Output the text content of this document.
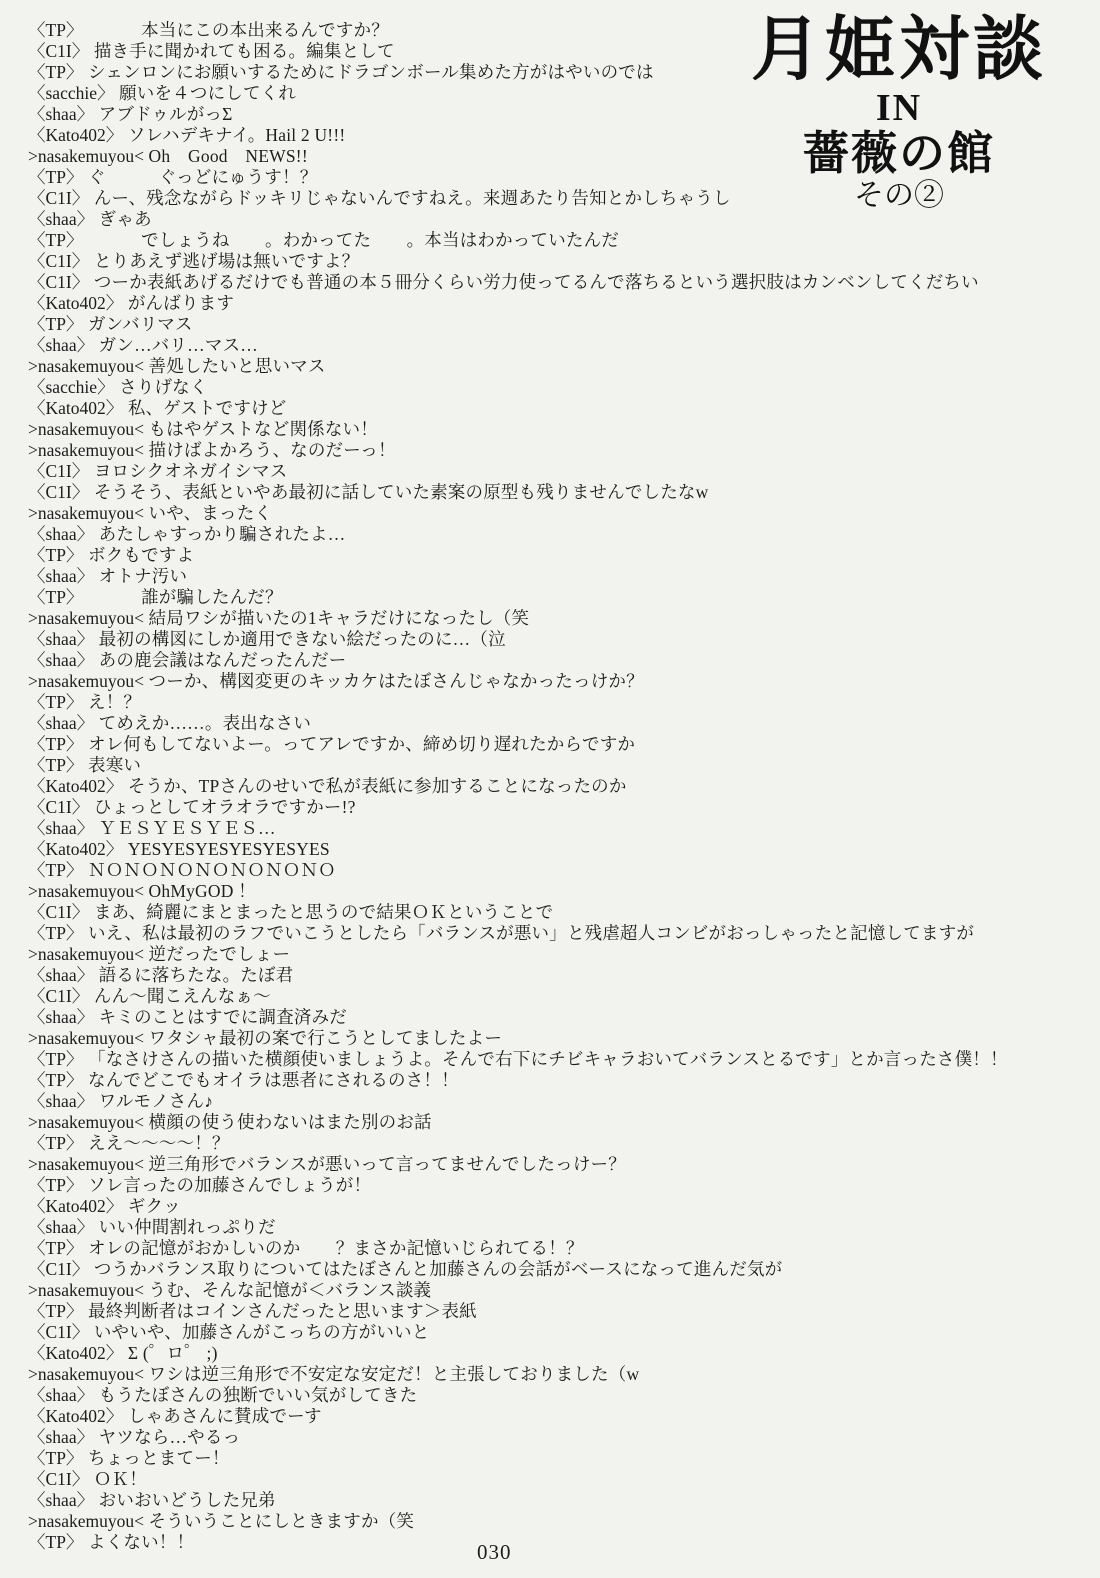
月姫対談
IN
薔薇の館
その②
〈TP〉 　　　本当にこの本出来るんですか？
〈C1I〉 描き手に聞かれても困る。編集として
〈TP〉 シェンロンにお願いするためにドラゴンボール集めた方がはやいのでは
〈sacchie〉 願いを４つにしてくれ
〈shaa〉 アブドゥルがっΣ
〈Kato402〉 ソレハデキナイ。Hail 2 U!!!
>nasakemuyou< Oh　Good　NEWS!!
〈TP〉 ぐ　　　ぐっどにゅうす！？
〈C1I〉 んー、残念ながらドッキリじゃないんですねえ。来週あたり告知とかしちゃうし
〈shaa〉 ぎゃあ
〈TP〉 　　　でしょうね　　。わかってた　　。本当はわかっていたんだ
〈C1I〉 とりあえず逃げ場は無いですよ？
〈C1I〉 つーか表紙あげるだけでも普通の本５冊分くらい労力使ってるんで落ちるという選択肢はカンベンしてくだちい
〈Kato402〉 がんばります
〈TP〉 ガンバリマス
〈shaa〉 ガン…バリ…マス…
>nasakemuyou< 善処したいと思いマス
〈sacchie〉 さりげなく
〈Kato402〉 私、ゲストですけど
>nasakemuyou< もはやゲストなど関係ない！
>nasakemuyou< 描けばよかろう、なのだーっ！
〈C1I〉 ヨロシクオネガイシマス
〈C1I〉 そうそう、表紙といやあ最初に話していた素案の原型も残りませんでしたなw
>nasakemuyou< いや、まったく
〈shaa〉 あたしゃすっかり騙されたよ…
〈TP〉 ボクもですよ
〈shaa〉 オトナ汚い
〈TP〉 　　　誰が騙したんだ？
>nasakemuyou< 結局ワシが描いたの1キャラだけになったし（笑
〈shaa〉 最初の構図にしか適用できない絵だったのに…（泣
〈shaa〉 あの鹿会議はなんだったんだー
>nasakemuyou< つーか、構図変更のキッカケはたぼさんじゃなかったっけか？
〈TP〉 え！？
〈shaa〉 てめえか……。表出なさい
〈TP〉 オレ何もしてないよー。ってアレですか、締め切り遅れたからですか
〈TP〉 表寒い
〈Kato402〉 そうか、TPさんのせいで私が表紙に参加することになったのか
〈C1I〉 ひょっとしてオラオラですかー!?
〈shaa〉 ＹＥＳＹＥＳＹＥＳ…
〈Kato402〉 YESYESYESYESYESYES
〈TP〉 ＮＯＮＯＮＯＮＯＮＯＮＯＮＯ
>nasakemuyou< OhMyGOD ！
〈C1I〉 まあ、綺麗にまとまったと思うので結果ＯＫということで
〈TP〉 いえ、私は最初のラフでいこうとしたら「バランスが悪い」と残虐超人コンビがおっしゃったと記憶してますが
>nasakemuyou< 逆だったでしょー
〈shaa〉 語るに落ちたな。たぼ君
〈C1I〉 んん〜聞こえんなぁ〜
〈shaa〉 キミのことはすでに調査済みだ
>nasakemuyou< ワタシャ最初の案で行こうとしてましたよー
〈TP〉 「なさけさんの描いた横顔使いましょうよ。そんで右下にチビキャラおいてバランスとるです」とか言ったさ僕！！
〈TP〉 なんでどこでもオイラは悪者にされるのさ！！
〈shaa〉 ワルモノさん♪
>nasakemuyou< 横顔の使う使わないはまた別のお話
〈TP〉 ええ〜〜〜〜！？
>nasakemuyou< 逆三角形でバランスが悪いって言ってませんでしたっけー？
〈TP〉 ソレ言ったの加藤さんでしょうが！
〈Kato402〉 ギクッ
〈shaa〉 いい仲間割れっぷりだ
〈TP〉 オレの記憶がおかしいのか　　？まさか記憶いじられてる！？
〈C1I〉 つうかバランス取りについてはたぼさんと加藤さんの会話がベースになって進んだ気が
>nasakemuyou< うむ、そんな記憶が＜バランス談義
〈TP〉 最終判断者はコインさんだったと思います＞表紙
〈C1I〉 いやいや、加藤さんがこっちの方がいいと
〈Kato402〉 Σ (゜ロ゜ ;)
>nasakemuyou< ワシは逆三角形で不安定な安定だ！と主張しておりました（w
〈shaa〉 もうたぼさんの独断でいい気がしてきた
〈Kato402〉 しゃあさんに賛成でーす
〈shaa〉 ヤツなら…やるっ
〈TP〉 ちょっとまてー！
〈C1I〉 ＯＫ！
〈shaa〉 おいおいどうした兄弟
>nasakemuyou< そういうことにしときますか（笑
〈TP〉 よくない！！	030
